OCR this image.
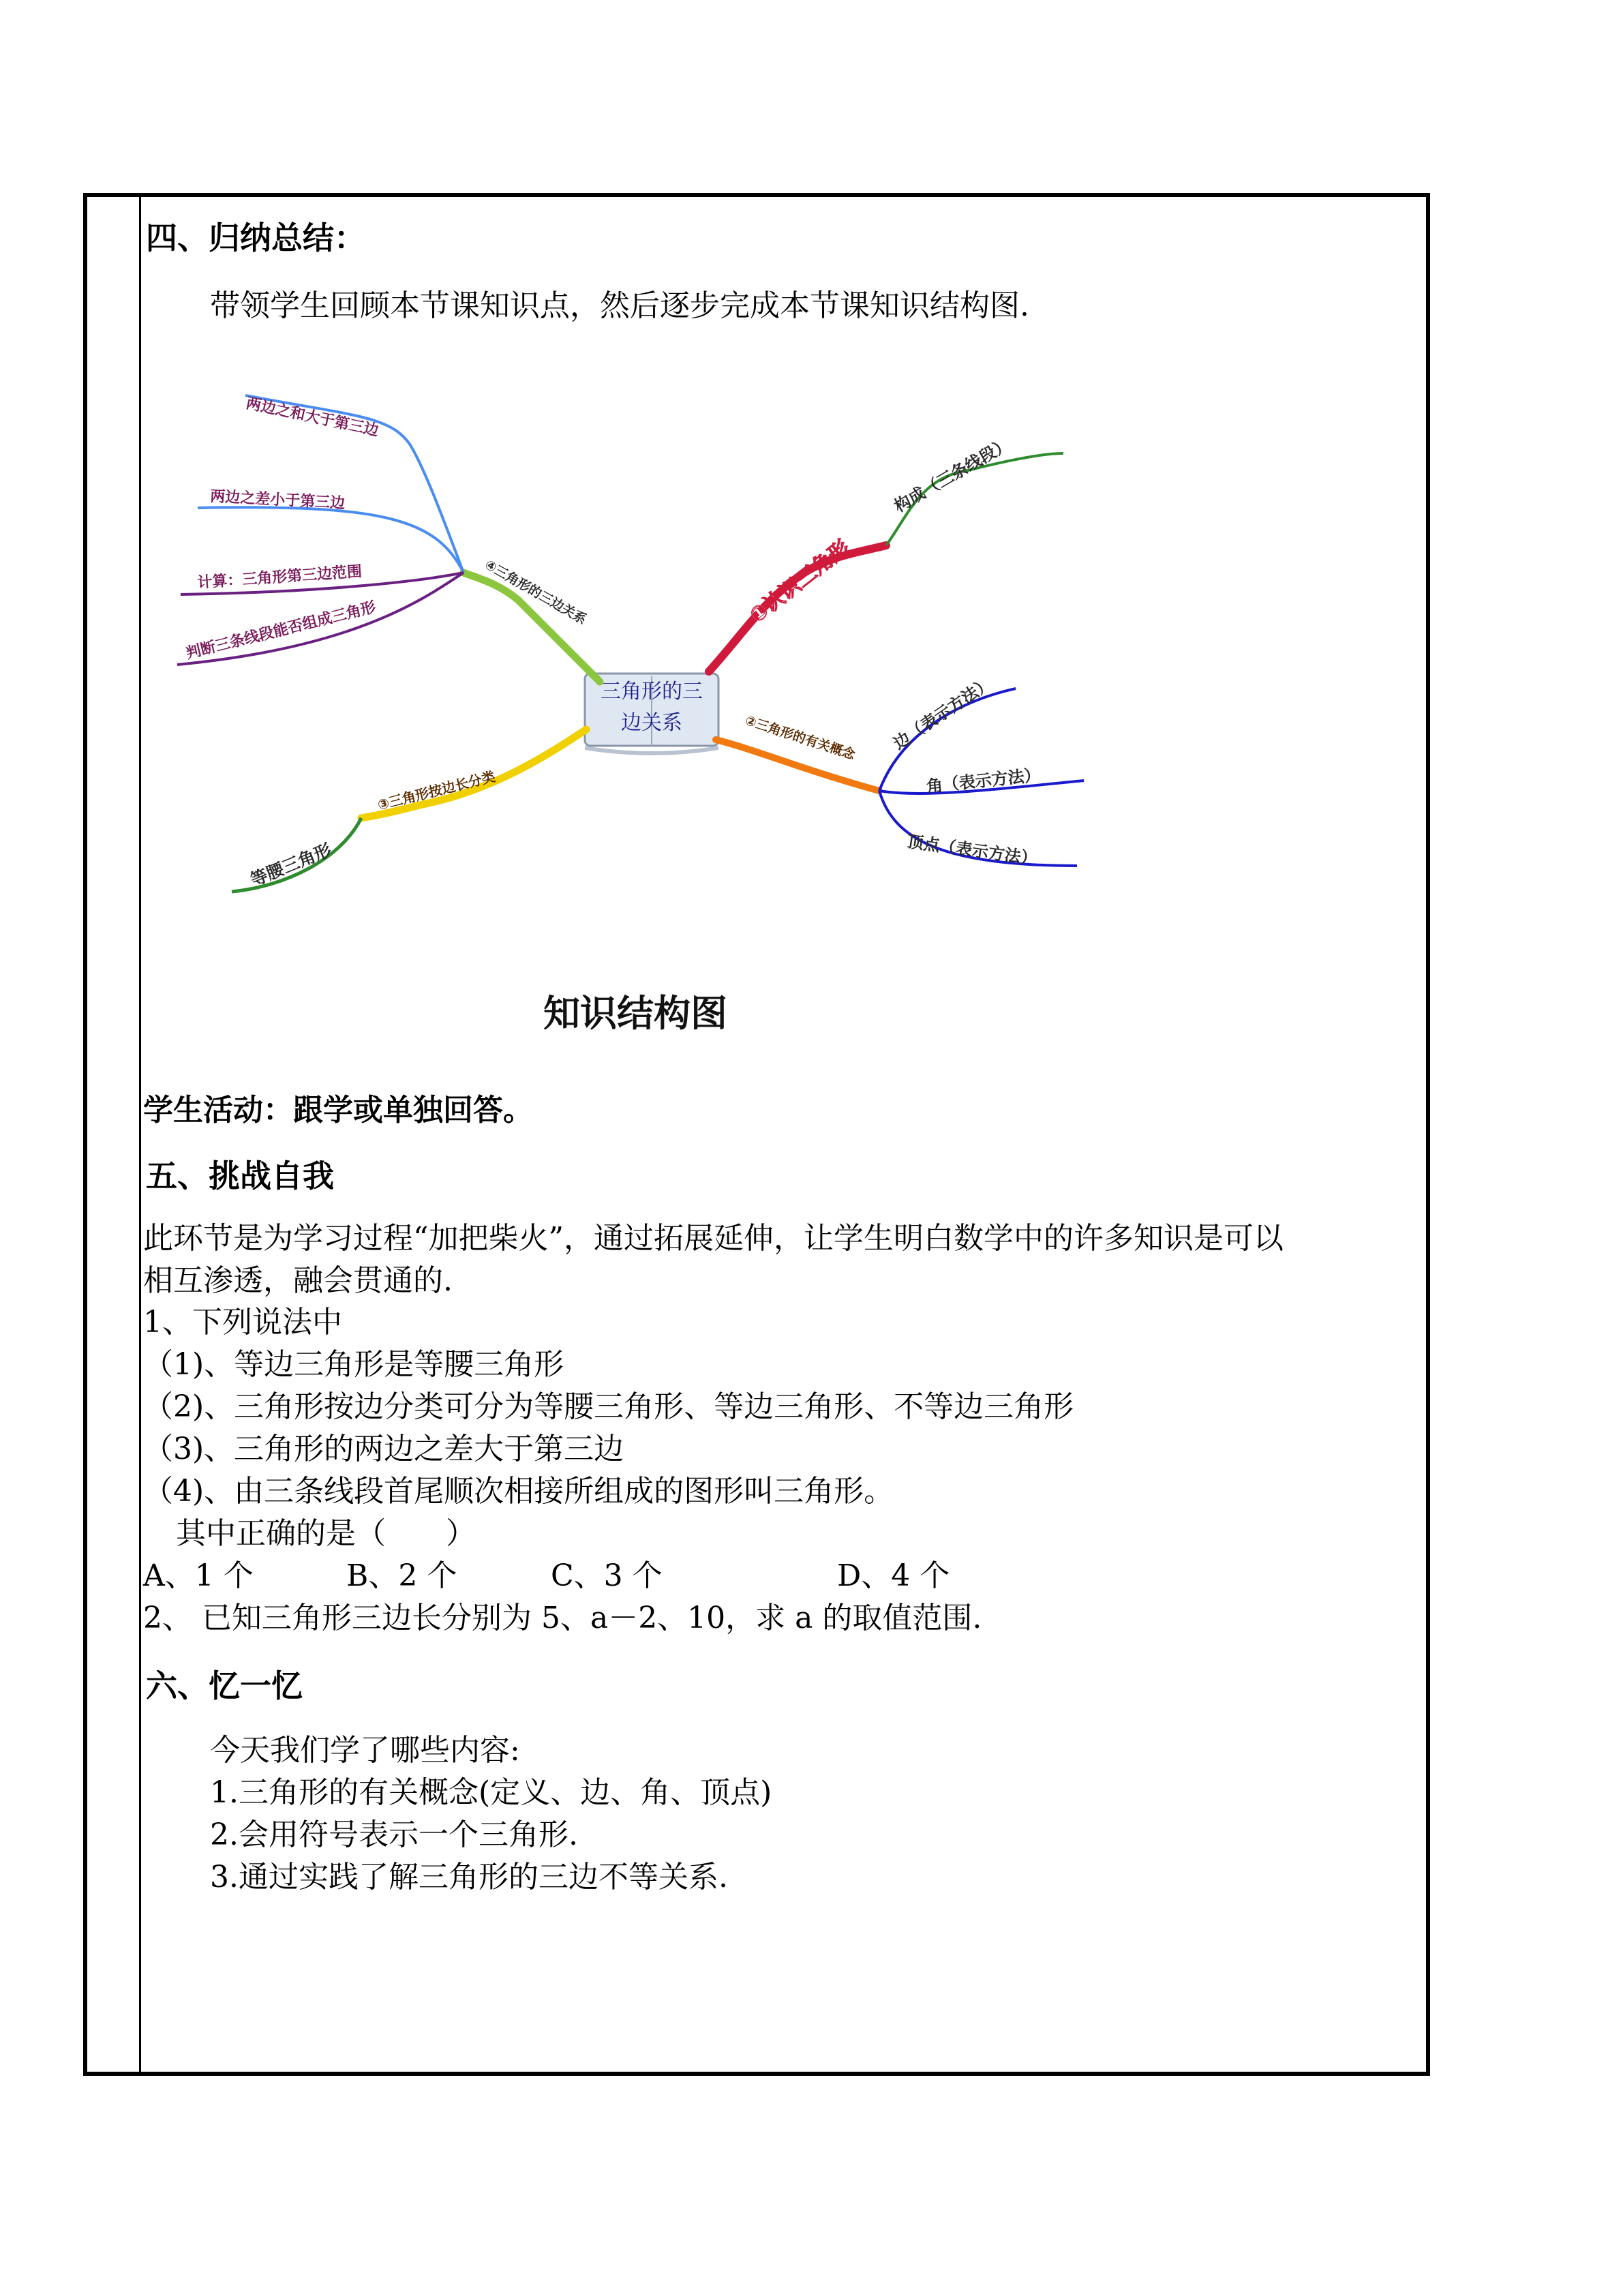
四、归纳总结：
带领学生回顾本节课知识点，然后逐步完成本节课知识结构图.
三角形的三
边关系
①认识三角形
构成（三条线段）
②三角形的有关概念 边（表示方法）
角（表示方法）
顶点（表示方法）
③三角形按边长分类
等腰三角形
④三角形的三边关系
两边之和大于第三边
两边之差小于第三边
计算：三角形第三边范围
判断三条线段能否组成三角形
知识结构图
学生活动：跟学或单独回答。
五、挑战自我
此环节是为学习过程“加把柴火”，通过拓展延伸，让学生明白数学中的许多知识是可以
相互渗透，融会贯通的.
1、下列说法中
（1)、等边三角形是等腰三角形
（2)、三角形按边分类可分为等腰三角形、等边三角形、不等边三角形
（3)、三角形的两边之差大于第三边
（4)、由三条线段首尾顺次相接所组成的图形叫三角形。
其中正确的是（　　）
A、1 个	B、2 个	C、3 个	D、4 个
2、 已知三角形三边长分别为 5、a－2、10，求 a 的取值范围.
六、忆一忆
今天我们学了哪些内容:
1.三角形的有关概念(定义、边、角、顶点)
2.会用符号表示一个三角形.
3.通过实践了解三角形的三边不等关系.
